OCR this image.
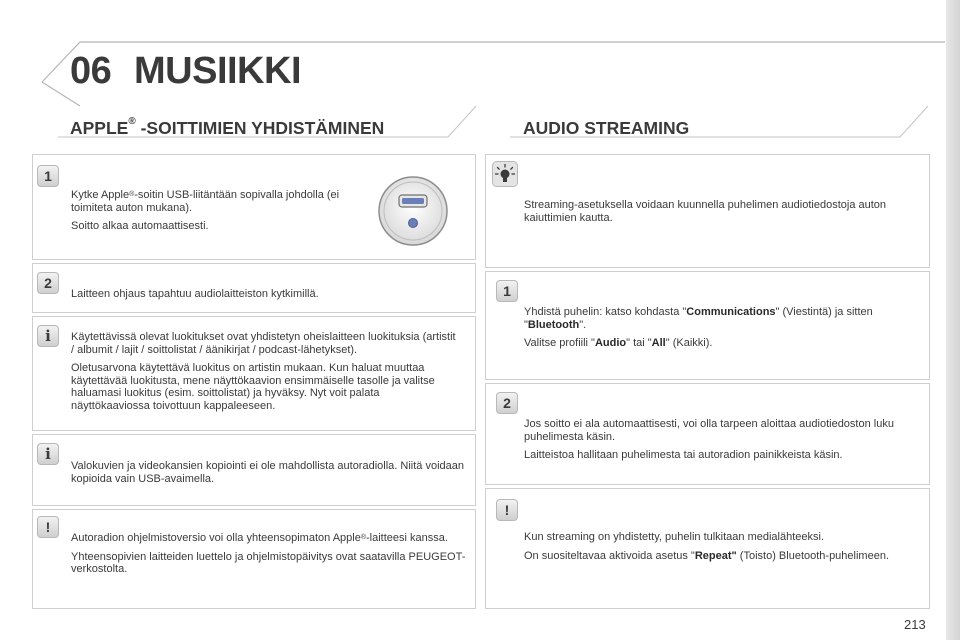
06 MUSIIKKI
APPLE® -SOITTIMIEN YHDISTÄMINEN	AUDIO STREAMING
1

Kytke Apple®-soitin USB-liitäntään sopivalla johdolla (ei toimiteta auton mukana).

Soitto alkaa automaattisesti.

2

Laitteen ohjaus tapahtuu audiolaitteiston kytkimillä.

i	Käytettävissä olevat luokitukset ovat yhdistetyn oheislaitteen luokituksia (artistit / albumit / lajit / soittolistat / äänikirjat / podcast-lähetykset).

Oletusarvona käytettävä luokitus on artistin mukaan. Kun haluat muuttaa käytettävää luokitusta, mene näyttökaavion ensimmäiselle tasolle ja valitse haluamasi luokitus (esim. soittolistat) ja hyväksy. Nyt voit palata näyttökaaviossa toivottuun kappaleeseen.

i

Valokuvien ja videokansien kopiointi ei ole mahdollista autoradiolla. Niitä voidaan kopioida vain USB-avaimella.

!

Autoradion ohjelmistoversio voi olla yhteensopimaton Apple®-laitteesi kanssa.

Yhteensopivien laitteiden luettelo ja ohjelmistopäivitys ovat saatavilla PEUGEOT-verkostolta.

Streaming-asetuksella voidaan kuunnella puhelimen audiotiedostoja auton kaiuttimien kautta.

1

Yhdistä puhelin: katso kohdasta "Communications" (Viestintä) ja sitten "Bluetooth".

Valitse profiili "Audio" tai "All" (Kaikki).

2

Jos soitto ei ala automaattisesti, voi olla tarpeen aloittaa audiotiedoston luku puhelimesta käsin.

Laitteistoa hallitaan puhelimesta tai autoradion painikkeista käsin.

!

Kun streaming on yhdistetty, puhelin tulkitaan medialähteeksi.

On suositeltavaa aktivoida asetus "Repeat" (Toisto) Bluetooth-puhelimeen.

213
